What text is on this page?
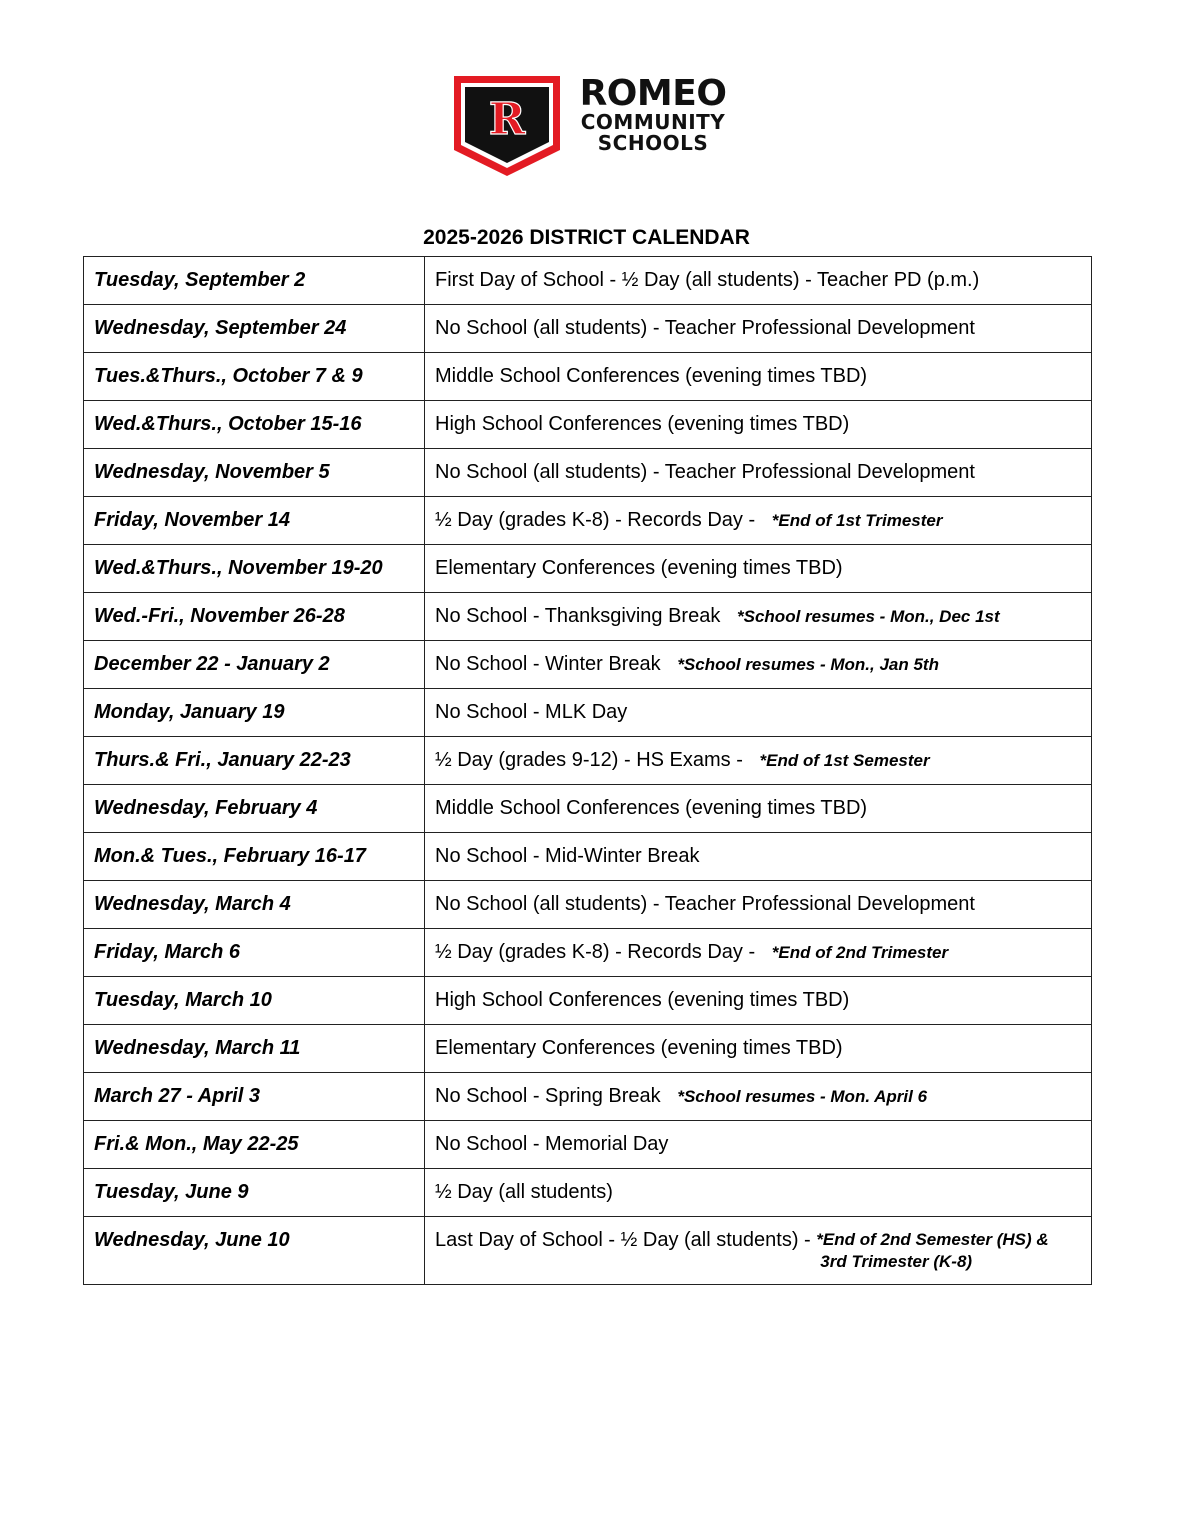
R
ROMEO
COMMUNITY
SCHOOLS
2025-2026 DISTRICT CALENDAR
Tuesday, September 2	First Day of School - ½ Day (all students) - Teacher PD (p.m.)
Wednesday, September 24	No School (all students) - Teacher Professional Development
Tues.&Thurs., October 7 & 9	Middle School Conferences (evening times TBD)
Wed.&Thurs., October 15-16	High School Conferences (evening times TBD)
Wednesday, November 5	No School (all students) - Teacher Professional Development
Friday, November 14	½ Day (grades K-8) - Records Day - *End of 1st Trimester
Wed.&Thurs., November 19-20	Elementary Conferences (evening times TBD)
Wed.-Fri., November 26-28	No School - Thanksgiving Break *School resumes - Mon., Dec 1st
December 22 - January 2	No School - Winter Break *School resumes - Mon., Jan 5th
Monday, January 19	No School - MLK Day
Thurs.& Fri., January 22-23	½ Day (grades 9-12) - HS Exams - *End of 1st Semester
Wednesday, February 4	Middle School Conferences (evening times TBD)
Mon.& Tues., February 16-17	No School - Mid-Winter Break
Wednesday, March 4	No School (all students) - Teacher Professional Development
Friday, March 6	½ Day (grades K-8) - Records Day - *End of 2nd Trimester
Tuesday, March 10	High School Conferences (evening times TBD)
Wednesday, March 11	Elementary Conferences (evening times TBD)
March 27 - April 3	No School - Spring Break *School resumes - Mon. April 6
Fri.& Mon., May 22-25	No School - Memorial Day
Tuesday, June 9	½ Day (all students)
Wednesday, June 10	Last Day of School - ½ Day (all students) - *End of 2nd Semester (HS) &
3rd Trimester (K-8)
